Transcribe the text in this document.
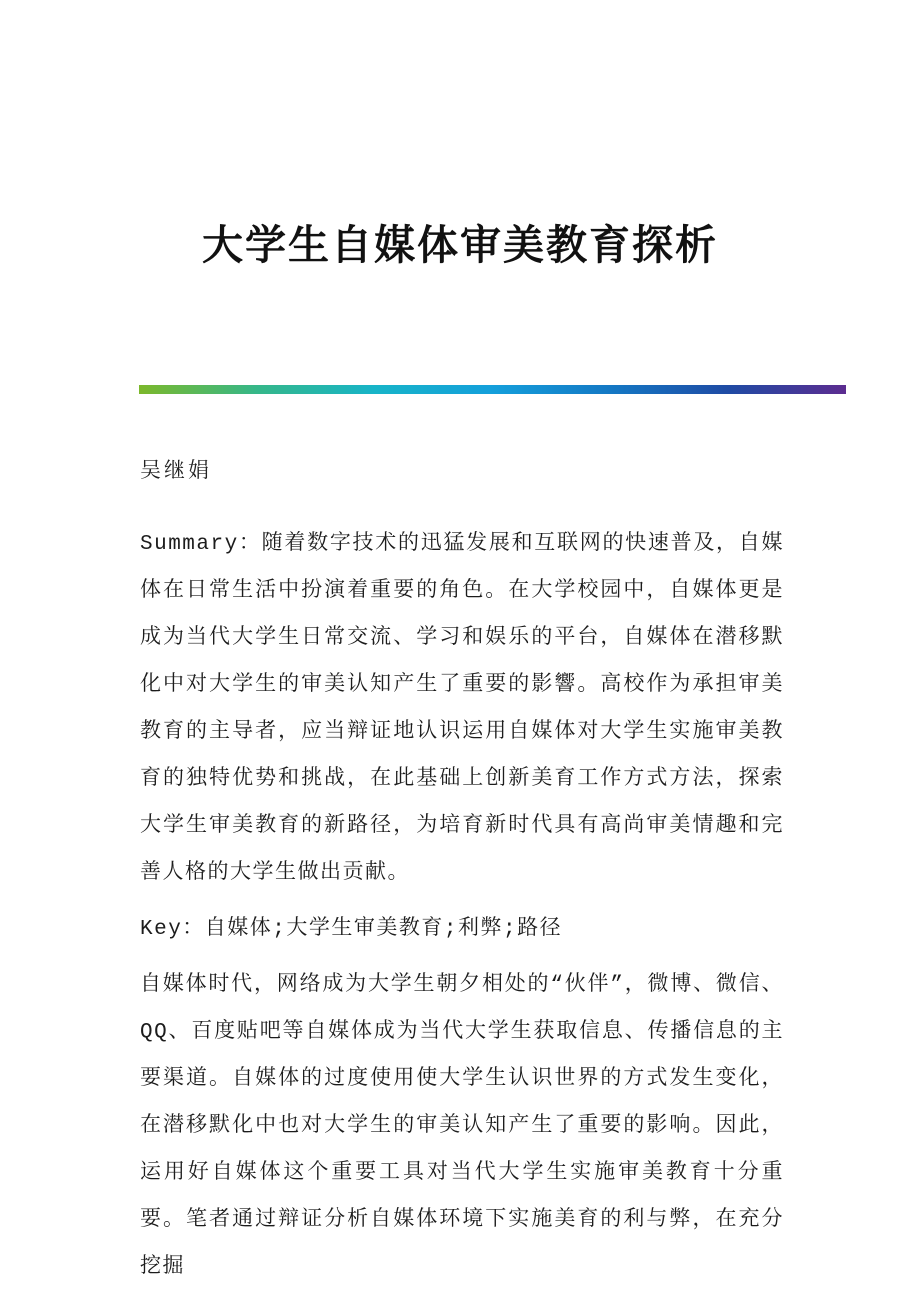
大学生自媒体审美教育探析
吴继娟

Summary：随着数字技术的迅猛发展和互联网的快速普及，自媒体在日常生活中扮演着重要的角色。在大学校园中，自媒体更是成为当代大学生日常交流、学习和娱乐的平台，自媒体在潜移默化中对大学生的审美认知产生了重要的影響。高校作为承担审美教育的主导者，应当辩证地认识运用自媒体对大学生实施审美教育的独特优势和挑战，在此基础上创新美育工作方式方法，探索大学生审美教育的新路径，为培育新时代具有高尚审美情趣和完善人格的大学生做出贡献。

Key：自媒体;大学生审美教育;利弊;路径

自媒体时代，网络成为大学生朝夕相处的“伙伴”，微博、微信、QQ、百度贴吧等自媒体成为当代大学生获取信息、传播信息的主要渠道。自媒体的过度使用使大学生认识世界的方式发生变化，在潜移默化中也对大学生的审美认知产生了重要的影响。因此，运用好自媒体这个重要工具对当代大学生实施审美教育十分重要。笔者通过辩证分析自媒体环境下实施美育的利与弊，在充分挖掘
